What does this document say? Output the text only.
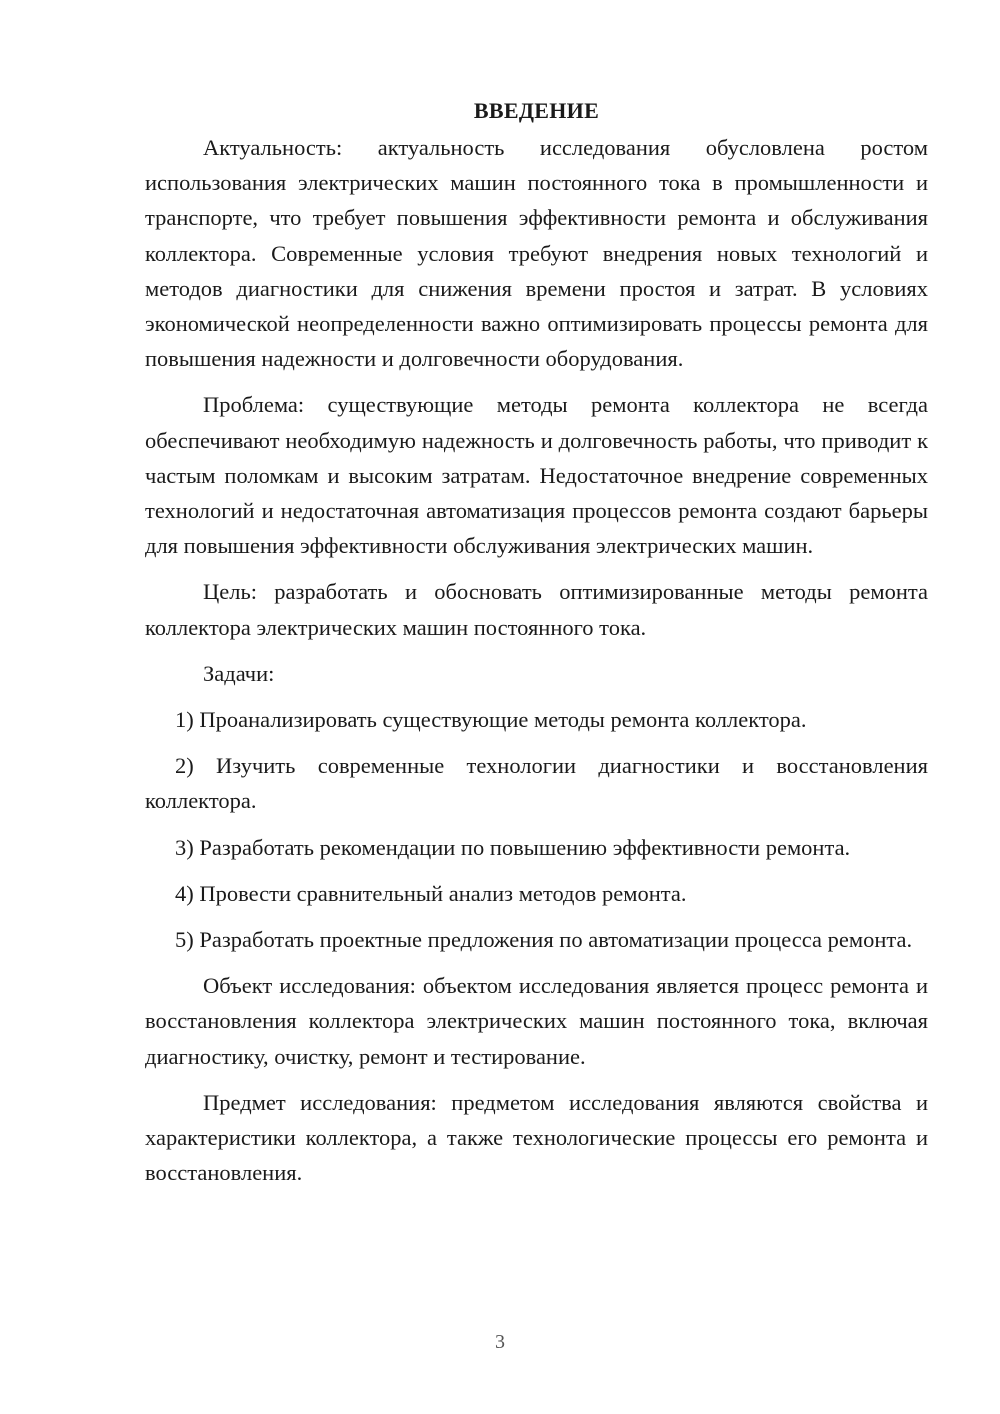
ВВЕДЕНИЕ

Актуальность: актуальность исследования обусловлена ростом использования электрических машин постоянного тока в промышленности и транспорте, что требует повышения эффективности ремонта и обслуживания коллектора. Современные условия требуют внедрения новых технологий и методов диагностики для снижения времени простоя и затрат. В условиях экономической неопределенности важно оптимизировать процессы ремонта для повышения надежности и долговечности оборудования.

Проблема: существующие методы ремонта коллектора не всегда обеспечивают необходимую надежность и долговечность работы, что приводит к частым поломкам и высоким затратам. Недостаточное внедрение современных технологий и недостаточная автоматизация процессов ремонта создают барьеры для повышения эффективности обслуживания электрических машин.

Цель: разработать и обосновать оптимизированные методы ремонта коллектора электрических машин постоянного тока.

Задачи:

1) Проанализировать существующие методы ремонта коллектора.

2) Изучить современные технологии диагностики и восстановления коллектора.

3) Разработать рекомендации по повышению эффективности ремонта.

4) Провести сравнительный анализ методов ремонта.

5) Разработать проектные предложения по автоматизации процесса ремонта.

Объект исследования: объектом исследования является процесс ремонта и восстановления коллектора электрических машин постоянного тока, включая диагностику, очистку, ремонт и тестирование.

Предмет исследования: предметом исследования являются свойства и характеристики коллектора, а также технологические процессы его ремонта и восстановления.

3
